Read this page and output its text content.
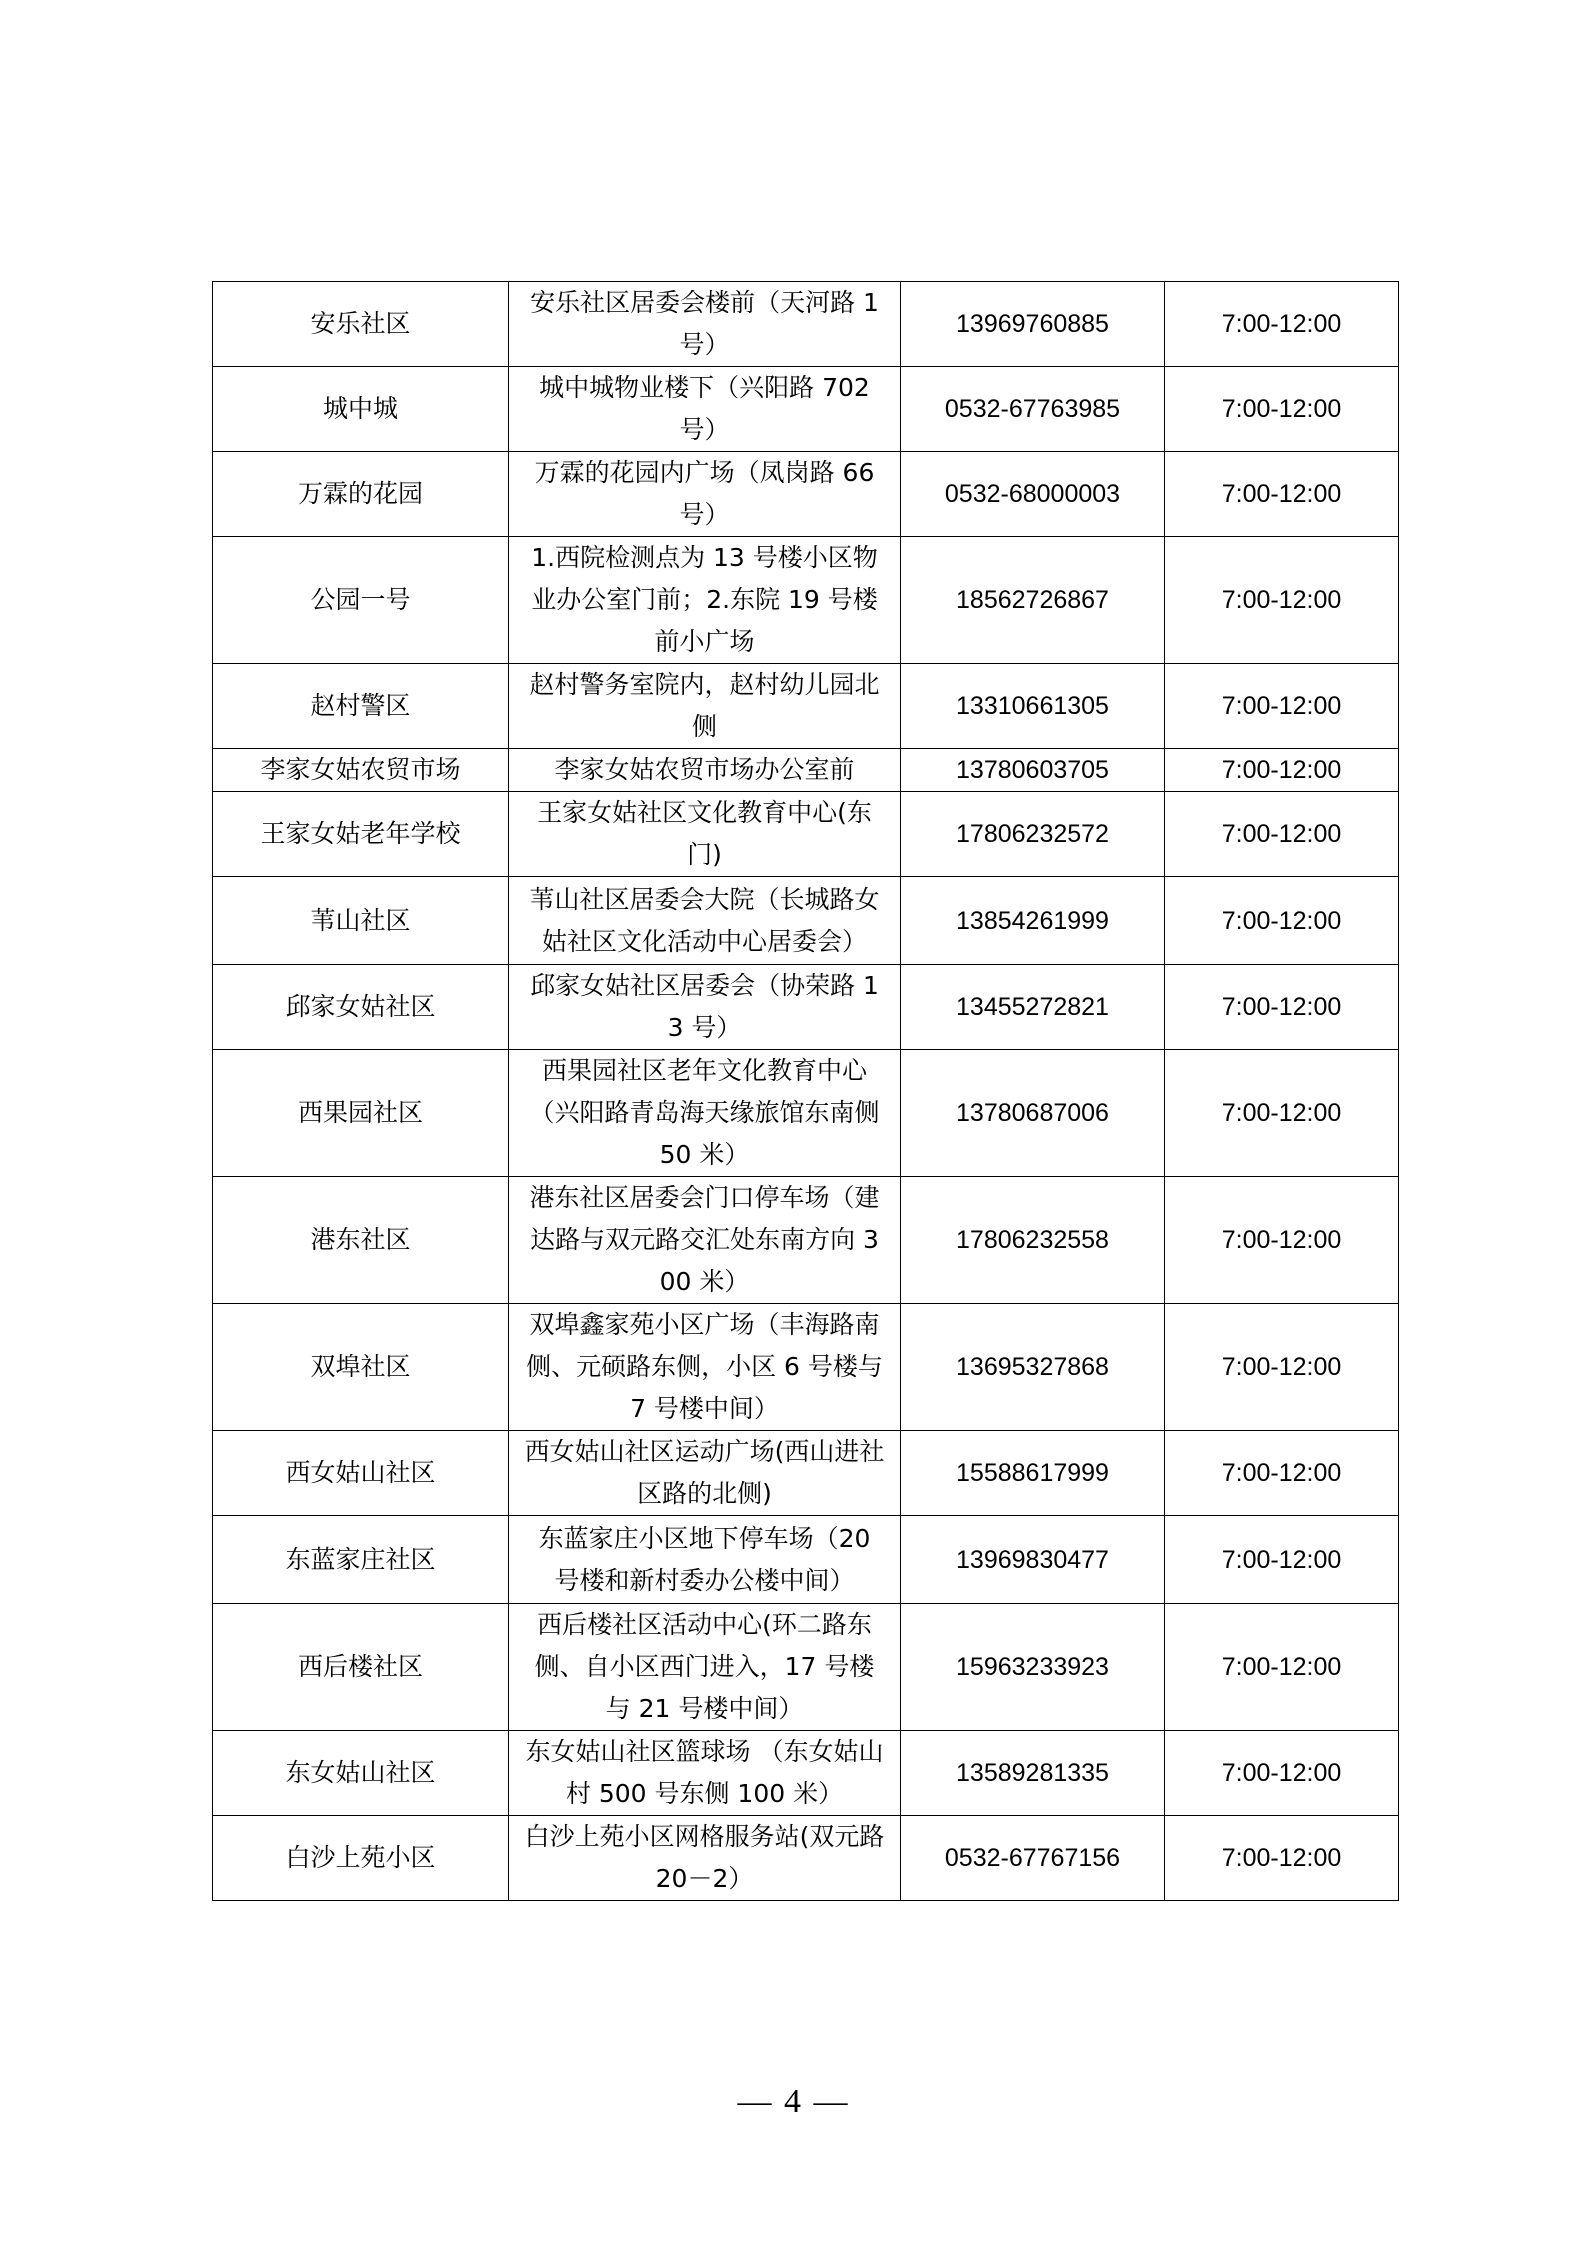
安乐社区	安乐社区居委会楼前（天河路 1 号）	13969760885	7:00-12:00
城中城	城中城物业楼下（兴阳路 702 号）	0532-67763985	7:00-12:00
万霖的花园	万霖的花园内广场（凤岗路 66 号）	0532-68000003	7:00-12:00
公园一号	1.西院检测点为 13 号楼小区物业办公室门前；2.东院 19 号楼前小广场	18562726867	7:00-12:00
赵村警区	赵村警务室院内，赵村幼儿园北侧	13310661305	7:00-12:00
李家女姑农贸市场	李家女姑农贸市场办公室前	13780603705	7:00-12:00
王家女姑老年学校	王家女姑社区文化教育中心(东门)	17806232572	7:00-12:00
苇山社区	苇山社区居委会大院（长城路女姑社区文化活动中心居委会）	13854261999	7:00-12:00
邱家女姑社区	邱家女姑社区居委会（协荣路 13 号）	13455272821	7:00-12:00
西果园社区	西果园社区老年文化教育中心（兴阳路青岛海天缘旅馆东南侧 50 米）	13780687006	7:00-12:00
港东社区	港东社区居委会门口停车场（建达路与双元路交汇处东南方向 300 米）	17806232558	7:00-12:00
双埠社区	双埠鑫家苑小区广场（丰海路南侧、元硕路东侧，小区 6 号楼与 7 号楼中间）	13695327868	7:00-12:00
西女姑山社区	西女姑山社区运动广场(西山进社区路的北侧)	15588617999	7:00-12:00
东蓝家庄社区	东蓝家庄小区地下停车场（20 号楼和新村委办公楼中间）	13969830477	7:00-12:00
西后楼社区	西后楼社区活动中心(环二路东侧、自小区西门进入，17 号楼与 21 号楼中间）	15963233923	7:00-12:00
东女姑山社区	东女姑山社区篮球场 （东女姑山村 500 号东侧 100 米）	13589281335	7:00-12:00
白沙上苑小区	白沙上苑小区网格服务站(双元路 20－2）	0532-67767156	7:00-12:00
— 4 —
